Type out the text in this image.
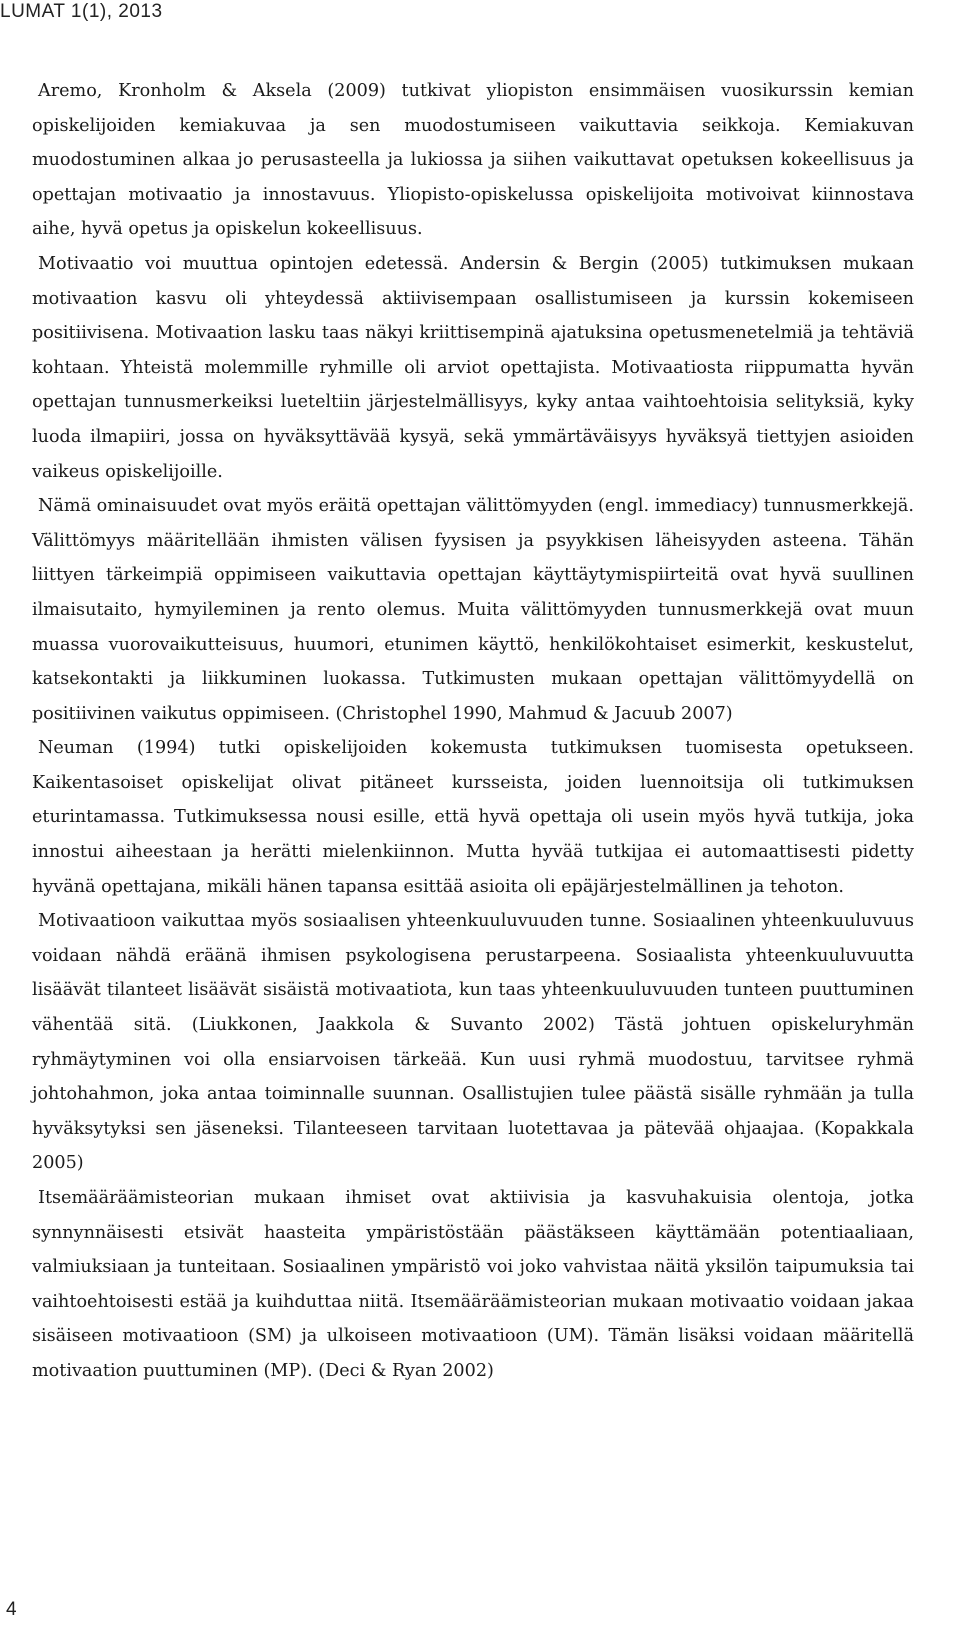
LUMAT 1(1), 2013

Aremo, Kronholm & Aksela (2009) tutkivat yliopiston ensimmäisen vuosikurssin kemian opiskelijoiden kemiakuvaa ja sen muodostumiseen vaikuttavia seikkoja. Kemiakuvan muodostuminen alkaa jo perusasteella ja lukiossa ja siihen vaikuttavat opetuksen kokeellisuus ja opettajan motivaatio ja innostavuus. Yliopisto-opiskelussa opiskelijoita motivoivat kiinnostava aihe, hyvä opetus ja opiskelun kokeellisuus.

Motivaatio voi muuttua opintojen edetessä. Andersin & Bergin (2005) tutkimuksen mukaan motivaation kasvu oli yhteydessä aktiivisempaan osallistumiseen ja kurssin kokemiseen positiivisena. Motivaation lasku taas näkyi kriittisempinä ajatuksina opetusmenetelmiä ja tehtäviä kohtaan. Yhteistä molemmille ryhmille oli arviot opettajista. Motivaatiosta riippumatta hyvän opettajan tunnusmerkeiksi lueteltiin järjestelmällisyys, kyky antaa vaihtoehtoisia selityksiä, kyky luoda ilmapiiri, jossa on hyväksyttävää kysyä, sekä ymmärtäväisyys hyväksyä tiettyjen asioiden vaikeus opiskelijoille.

Nämä ominaisuudet ovat myös eräitä opettajan välittömyyden (engl. immediacy) tunnusmerkkejä. Välittömyys määritellään ihmisten välisen fyysisen ja psyykkisen läheisyyden asteena. Tähän liittyen tärkeimpiä oppimiseen vaikuttavia opettajan käyttäytymispiirteitä ovat hyvä suullinen ilmaisutaito, hymyileminen ja rento olemus. Muita välittömyyden tunnusmerkkejä ovat muun muassa vuorovaikutteisuus, huumori, etunimen käyttö, henkilökohtaiset esimerkit, keskustelut, katsekontakti ja liikkuminen luokassa. Tutkimusten mukaan opettajan välittömyydellä on positiivinen vaikutus oppimiseen. (Christophel 1990, Mahmud & Jacuub 2007)

Neuman (1994) tutki opiskelijoiden kokemusta tutkimuksen tuomisesta opetukseen. Kaikentasoiset opiskelijat olivat pitäneet kursseista, joiden luennoitsija oli tutkimuksen eturintamassa. Tutkimuksessa nousi esille, että hyvä opettaja oli usein myös hyvä tutkija, joka innostui aiheestaan ja herätti mielenkiinnon. Mutta hyvää tutkijaa ei automaattisesti pidetty hyvänä opettajana, mikäli hänen tapansa esittää asioita oli epäjärjestelmällinen ja tehoton.

Motivaatioon vaikuttaa myös sosiaalisen yhteenkuuluvuuden tunne. Sosiaalinen yhteenkuuluvuus voidaan nähdä eräänä ihmisen psykologisena perustarpeena. Sosiaalista yhteenkuuluvuutta lisäävät tilanteet lisäävät sisäistä motivaatiota, kun taas yhteenkuuluvuuden tunteen puuttuminen vähentää sitä. (Liukkonen, Jaakkola & Suvanto 2002) Tästä johtuen opiskeluryhmän ryhmäytyminen voi olla ensiarvoisen tärkeää. Kun uusi ryhmä muodostuu, tarvitsee ryhmä johtohahmon, joka antaa toiminnalle suunnan. Osallistujien tulee päästä sisälle ryhmään ja tulla hyväksytyksi sen jäseneksi. Tilanteeseen tarvitaan luotettavaa ja pätevää ohjaajaa. (Kopakkala 2005)

Itsemääräämisteorian mukaan ihmiset ovat aktiivisia ja kasvuhakuisia olentoja, jotka synnynnäisesti etsivät haasteita ympäristöstään päästäkseen käyttämään potentiaaliaan, valmiuksiaan ja tunteitaan. Sosiaalinen ympäristö voi joko vahvistaa näitä yksilön taipumuksia tai vaihtoehtoisesti estää ja kuihduttaa niitä. Itsemääräämisteorian mukaan motivaatio voidaan jakaa sisäiseen motivaatioon (SM) ja ulkoiseen motivaatioon (UM). Tämän lisäksi voidaan määritellä motivaation puuttuminen (MP). (Deci & Ryan 2002)

4
